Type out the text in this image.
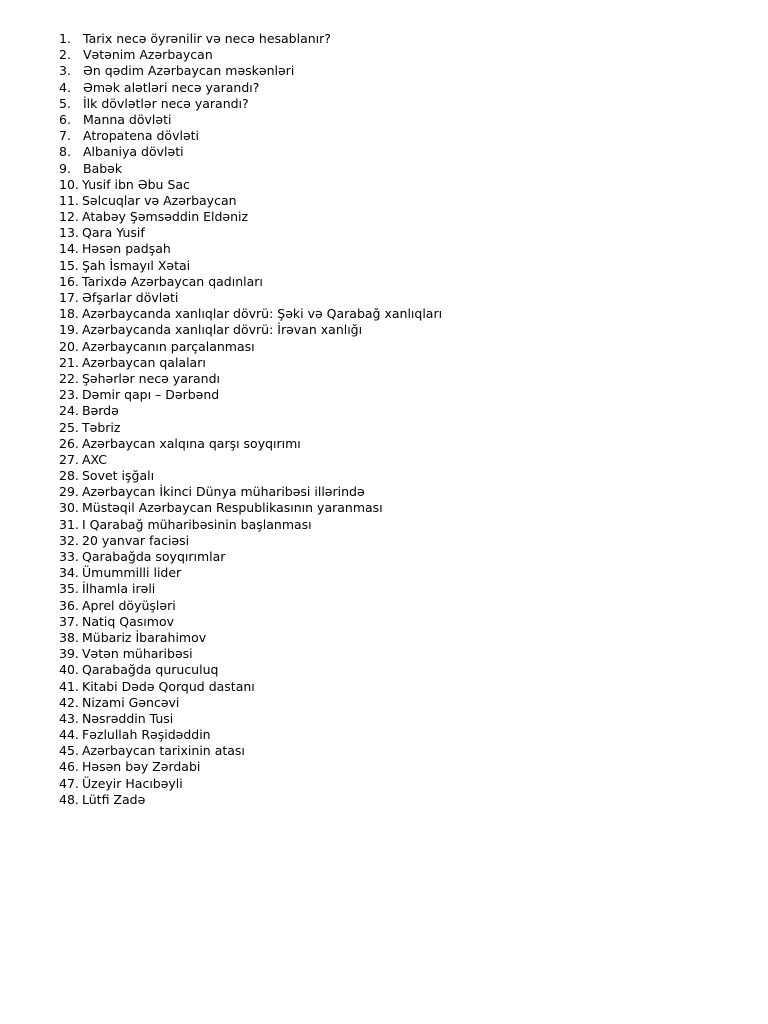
1. Tarix necə öyrənilir və necə hesablanır?
2. Vətənim Azərbaycan
3. Ən qədim Azərbaycan məskənləri
4. Əmək alətləri necə yarandı?
5. İlk dövlətlər necə yarandı?
6. Manna dövləti
7. Atropatena dövləti
8. Albaniya dövləti
9. Babək
10. Yusif ibn Əbu Sac
11. Səlcuqlar və Azərbaycan
12. Atabəy Şəmsəddin Eldəniz
13. Qara Yusif
14. Həsən padşah
15. Şah İsmayıl Xətai
16. Tarixdə Azərbaycan qadınları
17. Əfşarlar dövləti
18. Azərbaycanda xanlıqlar dövrü: Şəki və Qarabağ xanlıqları
19. Azərbaycanda xanlıqlar dövrü: İrəvan xanlığı
20. Azərbaycanın parçalanması
21. Azərbaycan qalaları
22. Şəhərlər necə yarandı
23. Dəmir qapı – Dərbənd
24. Bərdə
25. Təbriz
26. Azərbaycan xalqına qarşı soyqırımı
27. AXC
28. Sovet işğalı
29. Azərbaycan İkinci Dünya müharibəsi illərində
30. Müstəqil Azərbaycan Respublikasının yaranması
31. I Qarabağ müharibəsinin başlanması
32. 20 yanvar faciəsi
33. Qarabağda soyqırımlar
34. Ümummilli lider
35. İlhamla irəli
36. Aprel döyüşləri
37. Natiq Qasımov
38. Mübariz İbarahimov
39. Vətən müharibəsi
40. Qarabağda quruculuq
41. Kitabi Dədə Qorqud dastanı
42. Nizami Gəncəvi
43. Nəsrəddin Tusi
44. Fəzlullah Rəşidəddin
45. Azərbaycan tarixinin atası
46. Həsən bəy Zərdabi
47. Üzeyir Hacıbəyli
48. Lütfi Zadə
